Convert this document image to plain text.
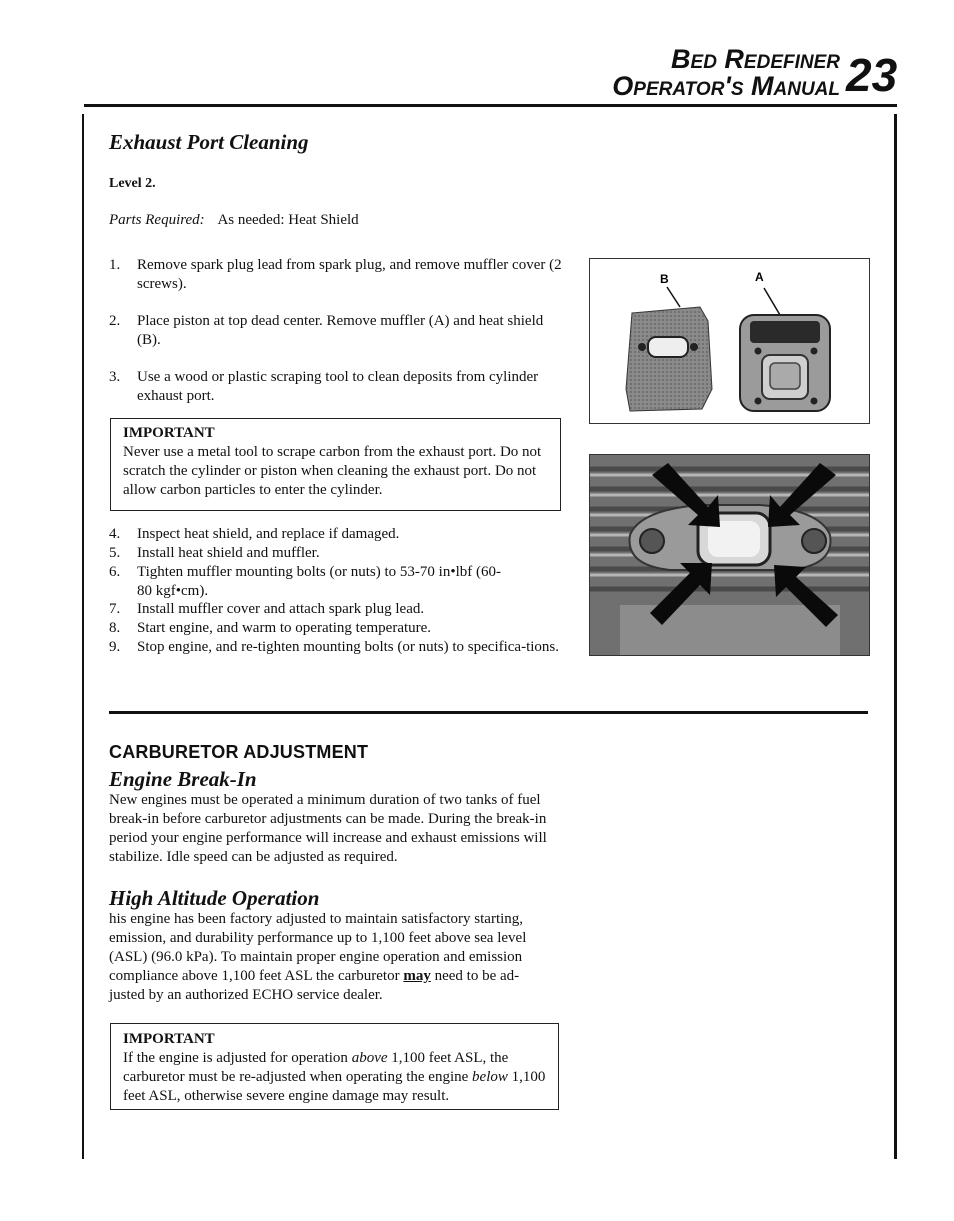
Bed Redefiner
Operator's Manual 23
Exhaust Port Cleaning
Level 2.
Parts Required: As needed: Heat Shield
1. Remove spark plug lead from spark plug, and remove muffler cover (2 screws).
2. Place piston at top dead center. Remove muffler (A) and heat shield (B).
3. Use a wood or plastic scraping tool to clean deposits from cylinder exhaust port.
IMPORTANT
Never use a metal tool to scrape carbon from the exhaust port. Do not scratch the cylinder or piston when cleaning the exhaust port. Do not allow carbon particles to enter the cylinder.
4. Inspect heat shield, and replace if damaged.
5. Install heat shield and muffler.
6. Tighten muffler mounting bolts (or nuts) to 53-70 in•lbf (60-80 kgf•cm).
7. Install muffler cover and attach spark plug lead.
8. Start engine, and warm to operating temperature.
9. Stop engine, and re-tighten mounting bolts (or nuts) to specifica-tions.
B	A
CARBURETOR ADJUSTMENT
Engine Break-In
New engines must be operated a minimum duration of two tanks of fuel break-in before carburetor adjustments can be made. During the break-in period your engine performance will increase and exhaust emissions will stabilize. Idle speed can be adjusted as required.
High Altitude Operation
his engine has been factory adjusted to maintain satisfactory starting, emission, and durability performance up to 1,100 feet above sea level (ASL) (96.0 kPa). To maintain proper engine operation and emission compliance above 1,100 feet ASL the carburetor may need to be ad-justed by an authorized ECHO service dealer.
IMPORTANT
If the engine is adjusted for operation above 1,100 feet ASL, the carburetor must be re-adjusted when operating the engine below 1,100 feet ASL, otherwise severe engine damage may result.
